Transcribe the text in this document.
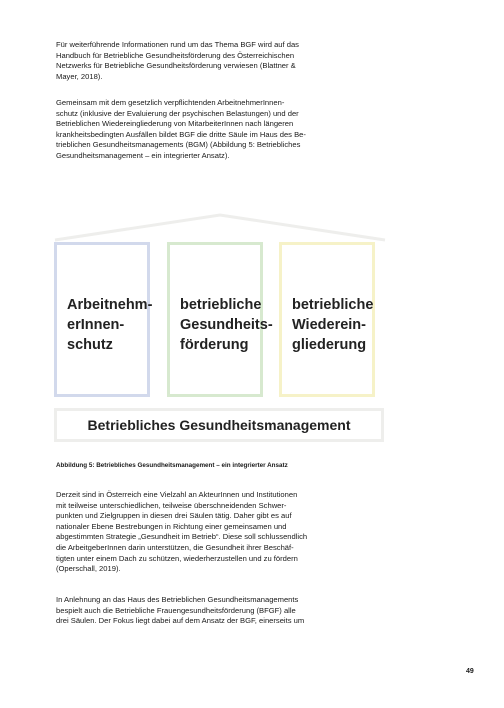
Für weiterführende Informationen rund um das Thema BGF wird auf das
Handbuch für Betriebliche Gesundheitsförderung des Österreichischen
Netzwerks für Betriebliche Gesundheitsförderung verwiesen (Blattner &
Mayer, 2018).
Gemeinsam mit dem gesetzlich verpflichtenden ArbeitnehmerInnen-
schutz (inklusive der Evaluierung der psychischen Belastungen) und der
Betrieblichen Wiedereingliederung von MitarbeiterInnen nach längeren
krankheitsbedingten Ausfällen bildet BGF die dritte Säule im Haus des Be-
trieblichen Gesundheitsmanagements (BGM) (Abbildung 5: Betriebliches
Gesundheitsmanagement – ein integrierter Ansatz).
Arbeitnehm-
erInnen-
schutz
betriebliche
Gesundheits-
förderung
betriebliche
Wiederein-
gliederung
Betriebliches Gesundheitsmanagement
Abbildung 5: Betriebliches Gesundheitsmanagement – ein integrierter Ansatz
Derzeit sind in Österreich eine Vielzahl an AkteurInnen und Institutionen
mit teilweise unterschiedlichen, teilweise überschneidenden Schwer-
punkten und Zielgruppen in diesen drei Säulen tätig. Daher gibt es auf
nationaler Ebene Bestrebungen in Richtung einer gemeinsamen und
abgestimmten Strategie „Gesundheit im Betrieb“. Diese soll schlussendlich
die ArbeitgeberInnen darin unterstützen, die Gesundheit ihrer Beschäf-
tigten unter einem Dach zu schützen, wiederherzustellen und zu fördern
(Operschall, 2019).
In Anlehnung an das Haus des Betrieblichen Gesundheitsmanagements
bespielt auch die Betriebliche Frauengesundheitsförderung (BFGF) alle
drei Säulen. Der Fokus liegt dabei auf dem Ansatz der BGF, einerseits um
49
